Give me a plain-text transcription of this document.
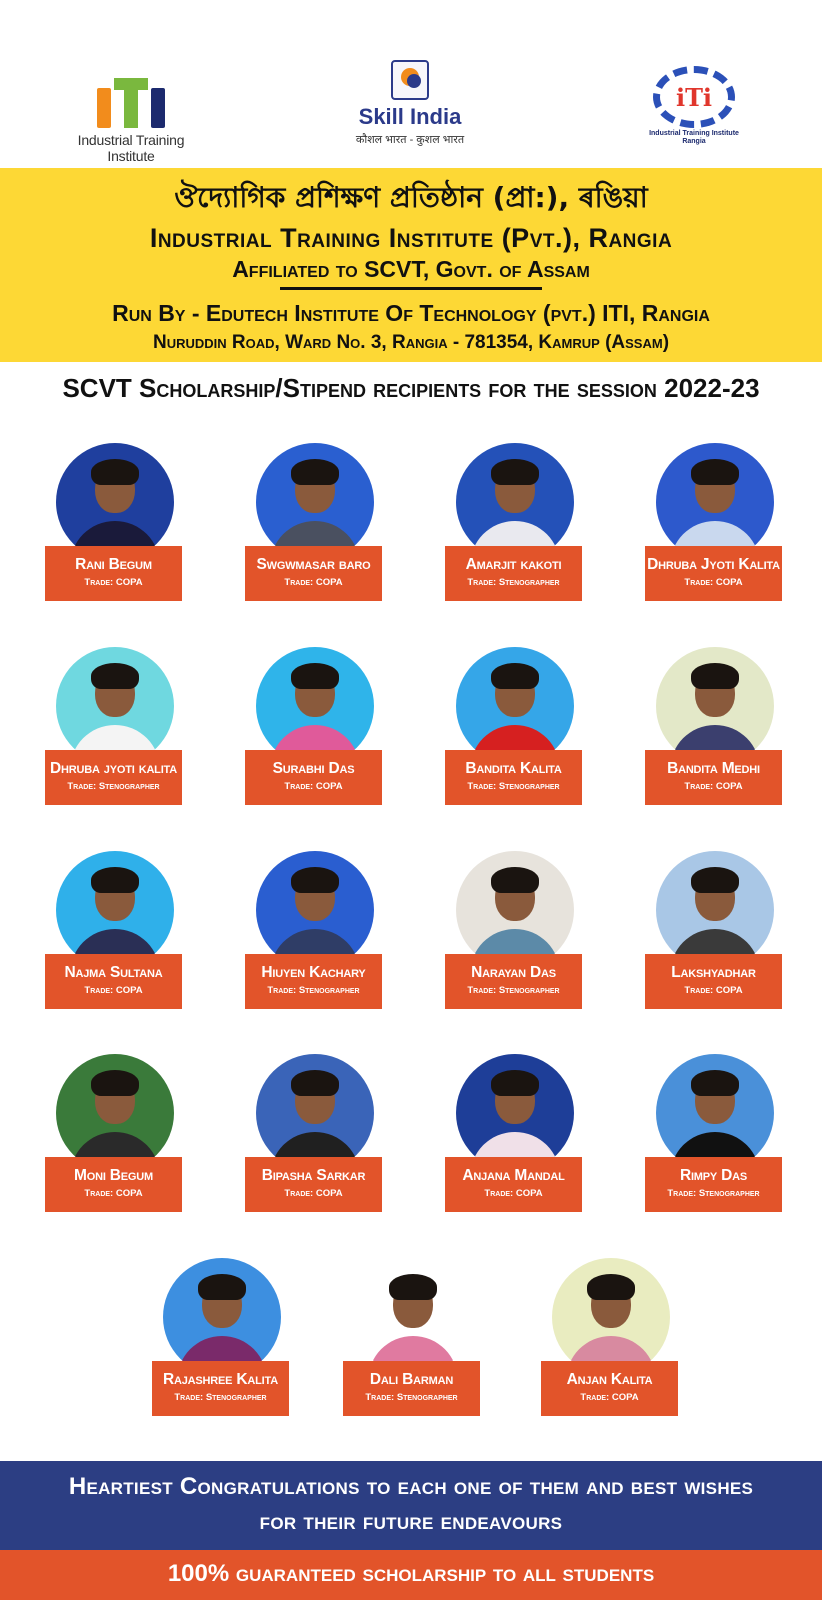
Industrial Training Institute
Skill India
कौशल भारत - कुशल भारत
iTi
Industrial Training Institute Rangia
ঔদ্যোগিক প্ৰশিক্ষণ প্ৰতিষ্ঠান (প্ৰা:), ৰঙিয়া
Industrial Training Institute (Pvt.), Rangia
Affiliated to SCVT, Govt. of Assam
Run By - Edutech Institute Of Technology (pvt.) ITI, Rangia
Nuruddin Road, Ward No. 3, Rangia - 781354, Kamrup (Assam)
SCVT Scholarship/Stipend recipients for the session 2022-23
Rani Begum
Trade: COPA
Swgwmasar baro
Trade: COPA
Amarjit kakoti
Trade: Stenographer
Dhruba Jyoti Kalita
Trade: COPA
Dhruba jyoti kalita
Trade: Stenographer
Surabhi Das
Trade: COPA
Bandita Kalita
Trade: Stenographer
Bandita Medhi
Trade: COPA
Najma Sultana
Trade: COPA
Hiuyen Kachary
Trade: Stenographer
Narayan Das
Trade: Stenographer
Lakshyadhar
Trade: COPA
Moni Begum
Trade: COPA
Bipasha Sarkar
Trade: COPA
Anjana Mandal
Trade: COPA
Rimpy Das
Trade: Stenographer
Rajashree Kalita
Trade: Stenographer
Dali Barman
Trade: Stenographer
Anjan Kalita
Trade: COPA
Heartiest Congratulations to each one of them and best wishes
for their future endeavours
100% guaranteed scholarship to all students
